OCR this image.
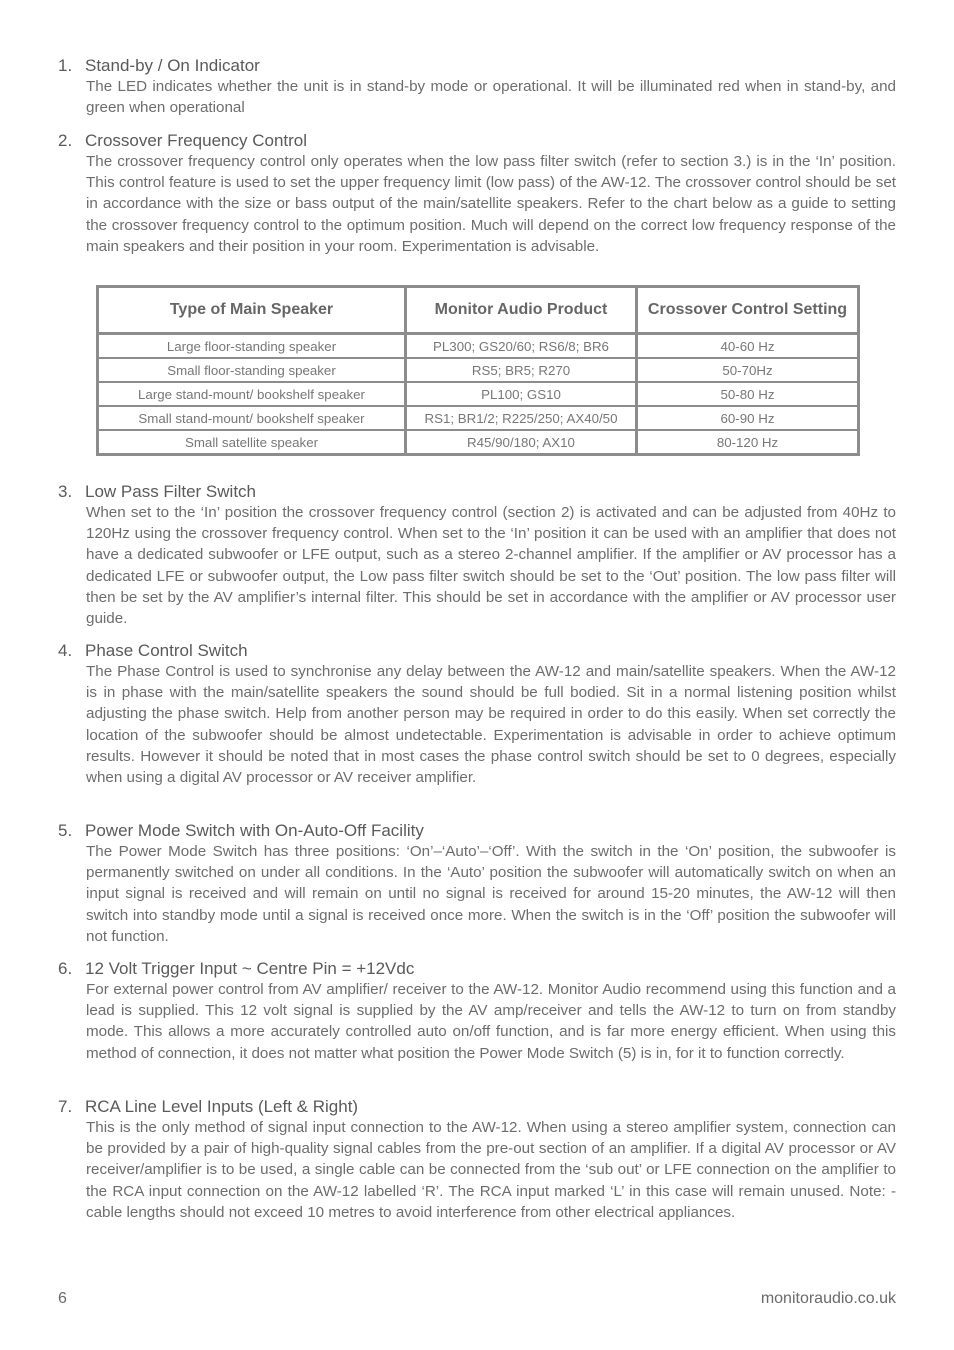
1. Stand-by / On Indicator

The LED indicates whether the unit is in stand-by mode or operational. It will be illuminated red when in stand-by, and green when operational

2. Crossover Frequency Control

The crossover frequency control only operates when the low pass filter switch (refer to section 3.) is in the ‘In’ position. This control feature is used to set the upper frequency limit (low pass) of the AW-12. The crossover control should be set in accordance with the size or bass output of the main/satellite speakers. Refer to the chart below as a guide to setting the crossover frequency control to the optimum position. Much will depend on the correct low frequency response of the main speakers and their position in your room. Experimentation is advisable.

Type of Main Speaker	Monitor Audio Product	Crossover Control Setting
Large floor-standing speaker	PL300; GS20/60; RS6/8; BR6	40-60 Hz
Small floor-standing speaker	RS5; BR5; R270	50-70Hz
Large stand-mount/ bookshelf speaker	PL100; GS10	50-80 Hz
Small stand-mount/ bookshelf speaker	RS1; BR1/2; R225/250; AX40/50	60-90 Hz
Small satellite speaker	R45/90/180; AX10	80-120 Hz

3. Low Pass Filter Switch

When set to the ‘In’ position the crossover frequency control (section 2) is activated and can be adjusted from 40Hz to 120Hz using the crossover frequency control. When set to the ‘In’ position it can be used with an amplifier that does not have a dedicated subwoofer or LFE output, such as a stereo 2-channel amplifier. If the amplifier or AV processor has a dedicated LFE or subwoofer output, the Low pass filter switch should be set to the ‘Out’ position. The low pass filter will then be set by the AV amplifier’s internal filter. This should be set in accordance with the amplifier or AV processor user guide.

4. Phase Control Switch

The Phase Control is used to synchronise any delay between the AW-12 and main/satellite speakers. When the AW-12 is in phase with the main/satellite speakers the sound should be full bodied. Sit in a normal listening position whilst adjusting the phase switch. Help from another person may be required in order to do this easily. When set correctly the location of the subwoofer should be almost undetectable. Experimentation is advisable in order to achieve optimum results. However it should be noted that in most cases the phase control switch should be set to 0 degrees, especially when using a digital AV processor or AV receiver amplifier.

5. Power Mode Switch with On-Auto-Off Facility

The Power Mode Switch has three positions: ‘On’–‘Auto’–‘Off’. With the switch in the ‘On’ position, the subwoofer is permanently switched on under all conditions. In the ‘Auto’ position the subwoofer will automatically switch on when an input signal is received and will remain on until no signal is received for around 15-20 minutes, the AW-12 will then switch into standby mode until a signal is received once more. When the switch is in the ‘Off’ position the subwoofer will not function.

6. 12 Volt Trigger Input ~ Centre Pin = +12Vdc

For external power control from AV amplifier/ receiver to the AW-12. Monitor Audio recommend using this function and a lead is supplied. This 12 volt signal is supplied by the AV amp/receiver and tells the AW-12 to turn on from standby mode. This allows a more accurately controlled auto on/off function, and is far more energy efficient. When using this method of connection, it does not matter what position the Power Mode Switch (5) is in, for it to function correctly.

7. RCA Line Level Inputs (Left & Right)

This is the only method of signal input connection to the AW-12. When using a stereo amplifier system, connection can be provided by a pair of high-quality signal cables from the pre-out section of an amplifier. If a digital AV processor or AV receiver/amplifier is to be used, a single cable can be connected from the ‘sub out’ or LFE connection on the amplifier to the RCA input connection on the AW-12 labelled ‘R’. The RCA input marked ‘L’ in this case will remain unused. Note: - cable lengths should not exceed 10 metres to avoid interference from other electrical appliances.

6	monitoraudio.co.uk
